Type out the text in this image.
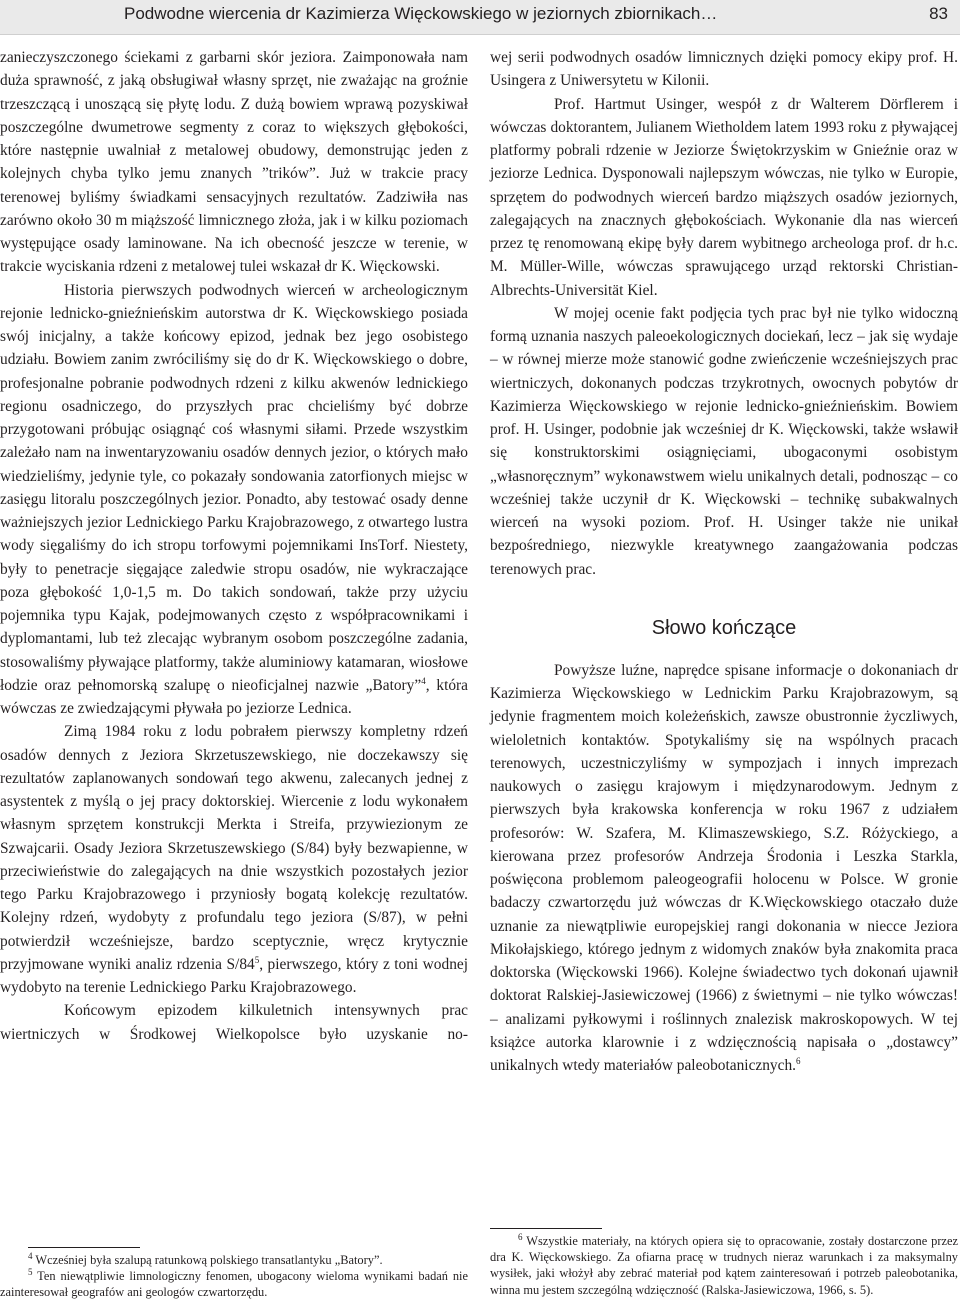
Podwodne wiercenia dr Kazimierza Więckowskiego w jeziornych zbiornikach…	83

zanieczyszczonego ściekami z garbarni skór jeziora. Zaimponowała nam duża sprawność, z jaką obsługiwał własny sprzęt, nie zważając na groźnie trzeszczącą i unoszącą się płytę lodu. Z dużą bowiem wprawą pozyskiwał poszczególne dwumetrowe segmenty z coraz to większych głębokości, które następnie uwalniał z metalowej obudowy, demonstrując jeden z kolejnych chyba tylko jemu znanych ”trików”. Już w trakcie pracy terenowej byliśmy świadkami sensacyjnych rezultatów. Zadziwiła nas zarówno około 30 m miąższość limnicznego złoża, jak i w kilku poziomach występujące osady laminowane. Na ich obecność jeszcze w terenie, w trakcie wyciskania rdzeni z metalowej tulei wskazał dr K. Więckowski.

Historia pierwszych podwodnych wierceń w archeologicznym rejonie lednicko-gnieźnieńskim autorstwa dr K. Więckowskiego posiada swój inicjalny, a także końcowy epizod, jednak bez jego osobistego udziału. Bowiem zanim zwróciliśmy się do dr K. Więckowskiego o dobre, profesjonalne pobranie podwodnych rdzeni z kilku akwenów lednickiego regionu osadniczego, do przyszłych prac chcieliśmy być dobrze przygotowani próbując osiągnąć coś własnymi siłami. Przede wszystkim zależało nam na inwentaryzowaniu osadów dennych jezior, o których mało wiedzieliśmy, jedynie tyle, co pokazały sondowania zatorfionych miejsc w zasięgu litoralu poszczególnych jezior. Ponadto, aby testować osady denne ważniejszych jezior Lednickiego Parku Krajobrazowego, z otwartego lustra wody sięgaliśmy do ich stropu torfowymi pojemnikami InsTorf. Niestety, były to penetracje sięgające zaledwie stropu osadów, nie wykraczające poza głębokość 1,0-1,5 m. Do takich sondowań, także przy użyciu pojemnika typu Kajak, podejmowanych często z współpracownikami i dyplomantami, lub też zlecając wybranym osobom poszczególne zadania, stosowaliśmy pływające platformy, także aluminiowy katamaran, wiosłowe łodzie oraz pełnomorską szalupę o nieoficjalnej nazwie „Batory”$^4$, która wówczas ze zwiedzającymi pływała po jeziorze Lednica.

Zimą 1984 roku z lodu pobrałem pierwszy kompletny rdzeń osadów dennych z Jeziora Skrzetuszewskiego, nie doczekawszy się rezultatów zaplanowanych sondowań tego akwenu, zalecanych jednej z asystentek z myślą o jej pracy doktorskiej. Wiercenie z lodu wykonałem własnym sprzętem konstrukcji Merkta i Streifa, przywiezionym ze Szwajcarii. Osady Jeziora Skrzetuszewskiego (S/84) były bezwapienne, w przeciwieństwie do zalegających na dnie wszystkich pozostałych jezior tego Parku Krajobrazowego i przyniosły bogatą kolekcję rezultatów. Kolejny rdzeń, wydobyty z profundalu tego jeziora (S/87), w pełni potwierdził wcześniejsze, bardzo sceptycznie, wręcz krytycznie przyjmowane wyniki analiz rdzenia $S/84^5$, pierwszego, który z toni wodnej wydobyto na terenie Lednickiego Parku Krajobrazowego.

Końcowym epizodem kilkuletnich intensywnych prac wiertniczych w Środkowej Wielkopolsce było uzyskanie no-

wej serii podwodnych osadów limnicznych dzięki pomocy ekipy prof. H. Usingera z Uniwersytetu w Kilonii.

Prof. Hartmut Usinger, wespół z dr Walterem Dörflerem i wówczas doktorantem, Julianem Wietholdem latem 1993 roku z pływającej platformy pobrali rdzenie w Jeziorze Świętokrzyskim w Gnieźnie oraz w jeziorze Lednica. Dysponowali najlepszym wówczas, nie tylko w Europie, sprzętem do podwodnych wierceń bardzo miąższych osadów jeziornych, zalegających na znacznych głębokościach. Wykonanie dla nas wierceń przez tę renomowaną ekipę były darem wybitnego archeologa prof. dr h.c. M. Müller-Wille, wówczas sprawującego urząd rektorski Christian-Albrechts-Universität Kiel.

W mojej ocenie fakt podjęcia tych prac był nie tylko widoczną formą uznania naszych paleoekologicznych dociekań, lecz – jak się wydaje – w równej mierze może stanowić godne zwieńczenie wcześniejszych prac wiertniczych, dokonanych podczas trzykrotnych, owocnych pobytów dr Kazimierza Więckowskiego w rejonie lednicko-gnieźnieńskim. Bowiem prof. H. Usinger, podobnie jak wcześniej dr K. Więckowski, także wsławił się konstruktorskimi osiągnięciami, ubogaconymi osobistym „własnoręcznym” wykonawstwem wielu unikalnych detali, podnosząc – co wcześniej także uczynił dr K. Więckowski – technikę subakwalnych wierceń na wysoki poziom. Prof. H. Usinger także nie unikał bezpośredniego, niezwykle kreatywnego zaangażowania podczas terenowych prac.

Słowo kończące

Powyższe luźne, naprędce spisane informacje o dokonaniach dr Kazimierza Więckowskiego w Lednickim Parku Krajobrazowym, są jedynie fragmentem moich koleżeńskich, zawsze obustronnie życzliwych, wieloletnich kontaktów. Spotykaliśmy się na wspólnych pracach terenowych, uczestniczyliśmy w sympozjach i innych imprezach naukowych o zasięgu krajowym i międzynarodowym. Jednym z pierwszych była krakowska konferencja w roku 1967 z udziałem profesorów: W. Szafera, M. Klimaszewskiego, S.Z. Różyckiego, a kierowana przez profesorów Andrzeja Środonia i Leszka Starkla, poświęcona problemom paleogeografii holocenu w Polsce. W gronie badaczy czwartorzędu już wówczas dr K.Więckowskiego otaczało duże uznanie za niewątpliwie europejskiej rangi dokonania w niecce Jeziora Mikołajskiego, którego jednym z widomych znaków była znakomita praca doktorska (Więckowski 1966). Kolejne świadectwo tych dokonań ujawnił doktorat Ralskiej-Jasiewiczowej (1966) z świetnymi – nie tylko wówczas! – analizami pyłkowymi i roślinnych znalezisk makroskopowych. W tej książce autorka klarownie i z wdzięcznością napisała o „dostawcy” unikalnych wtedy materiałów paleobotanicznych.$^6$

$^4$ Wcześniej była szalupą ratunkową polskiego transatlantyku „Batory”.

$^5$ Ten niewątpliwie limnologiczny fenomen, ubogacony wieloma wynikami badań nie zainteresował geografów ani geologów czwartorzędu.

$^6$ Wszystkie materiały, na których opiera się to opracowanie, zostały dostarczone przez dra K. Więckowskiego. Za ofiarna pracę w trudnych nieraz warunkach i za maksymalny wysiłek, jaki włożył aby zebrać materiał pod kątem zainteresowań i potrzeb paleobotanika, winna mu jestem szczególną wdzięczność (Ralska-Jasiewiczowa, 1966, s. 5).
